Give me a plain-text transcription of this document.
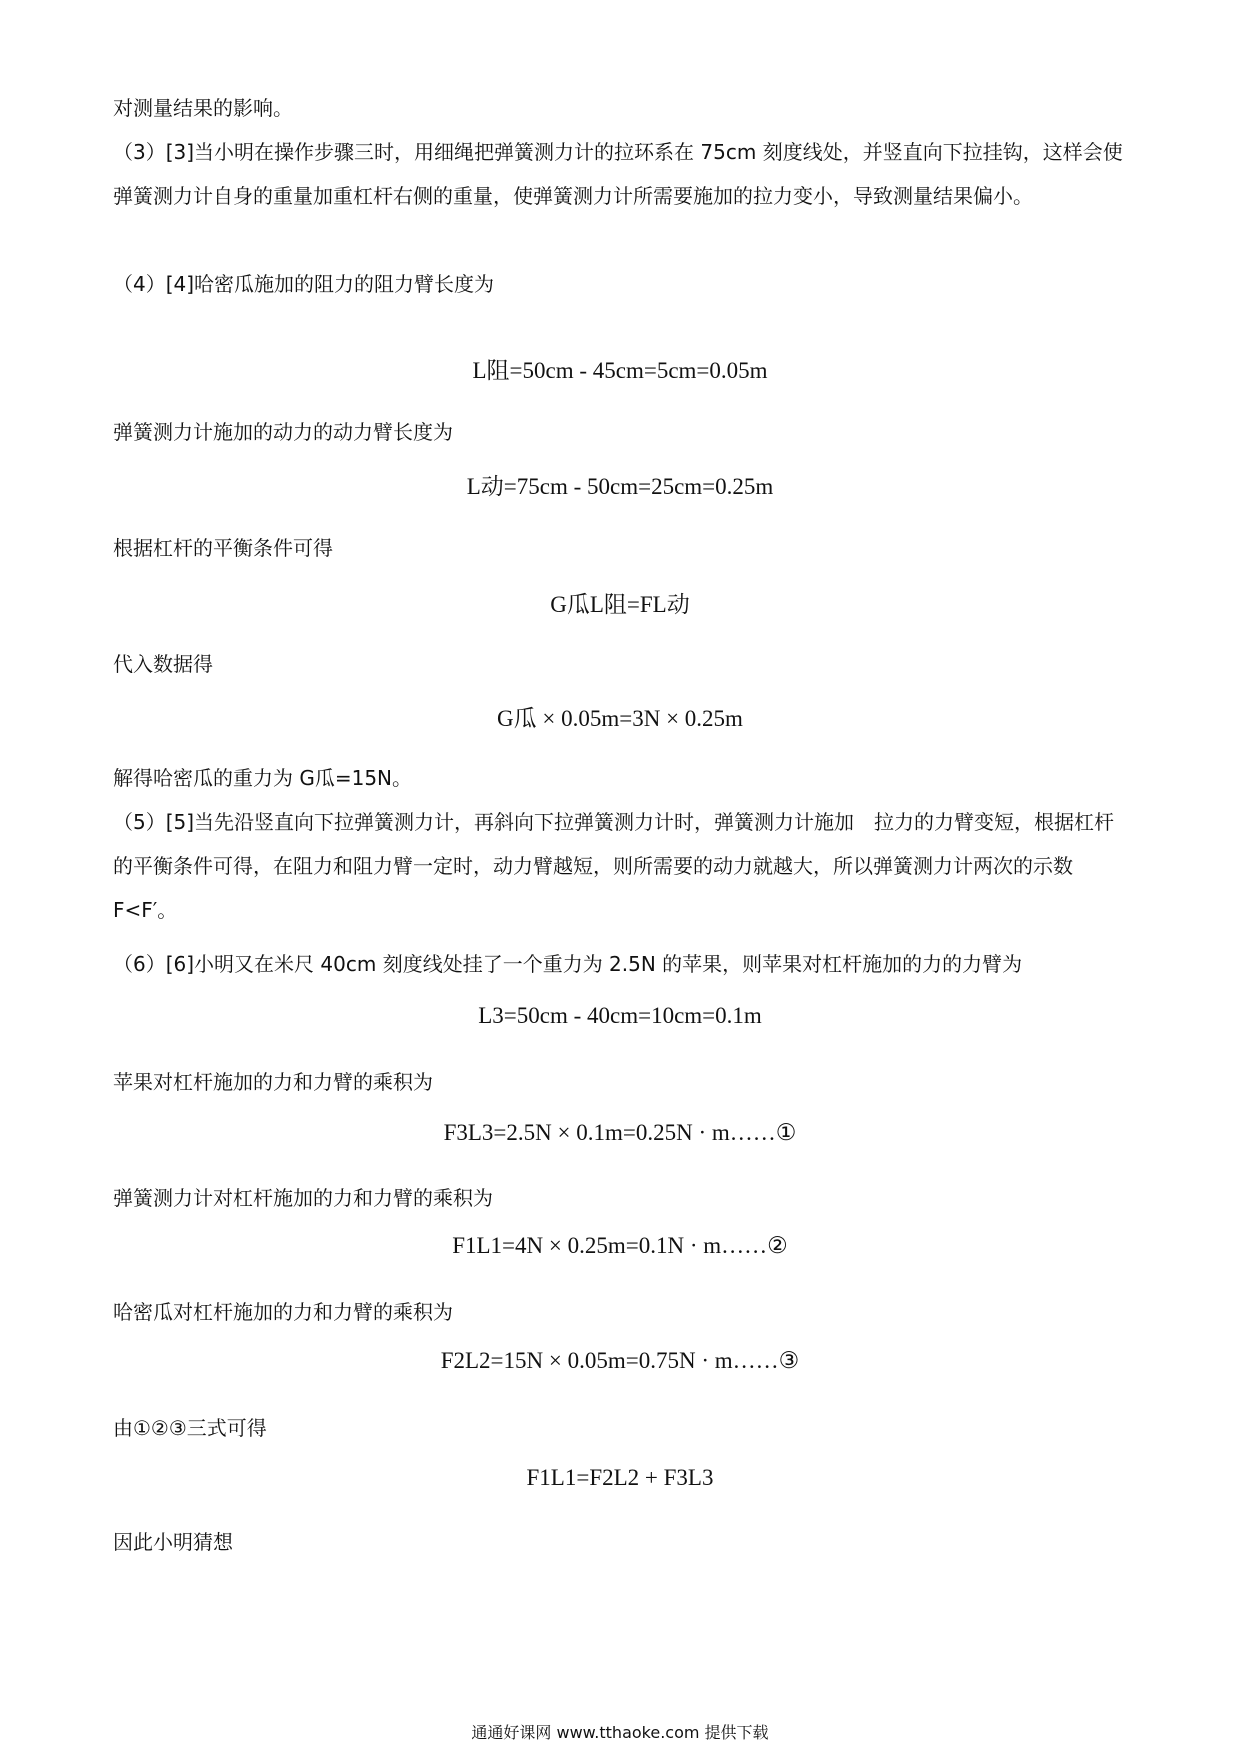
对测量结果的影响。

（3）[3]当小明在操作步骤三时，用细绳把弹簧测力计的拉环系在 75cm 刻度线处，并竖直向下拉挂钩，这样会使弹簧测力计自身的重量加重杠杆右侧的重量，使弹簧测力计所需要施加的拉力变小，导致测量结果偏小。

（4）[4]哈密瓜施加的阻力的阻力臂长度为

L阻=50cm - 45cm=5cm=0.05m

弹簧测力计施加的动力的动力臂长度为

L动=75cm - 50cm=25cm=0.25m

根据杠杆的平衡条件可得

G瓜L阻=FL动

代入数据得

G瓜 × 0.05m=3N × 0.25m

解得哈密瓜的重力为 G瓜=15N。

（5）[5]当先沿竖直向下拉弹簧测力计，再斜向下拉弹簧测力计时，弹簧测力计施加　拉力的力臂变短，根据杠杆的平衡条件可得，在阻力和阻力臂一定时，动力臂越短，则所需要的动力就越大，所以弹簧测力计两次的示数 F<F′。

（6）[6]小明又在米尺 40cm 刻度线处挂了一个重力为 2.5N 的苹果，则苹果对杠杆施加的力的力臂为

L3=50cm - 40cm=10cm=0.1m

苹果对杠杆施加的力和力臂的乘积为

F3L3=2.5N × 0.1m=0.25N · m……①

弹簧测力计对杠杆施加的力和力臂的乘积为

F1L1=4N × 0.25m=0.1N · m……②

哈密瓜对杠杆施加的力和力臂的乘积为

F2L2=15N × 0.05m=0.75N · m……③

由①②③三式可得

F1L1=F2L2 + F3L3

因此小明猜想

通通好课网 www.tthaoke.com 提供下载
